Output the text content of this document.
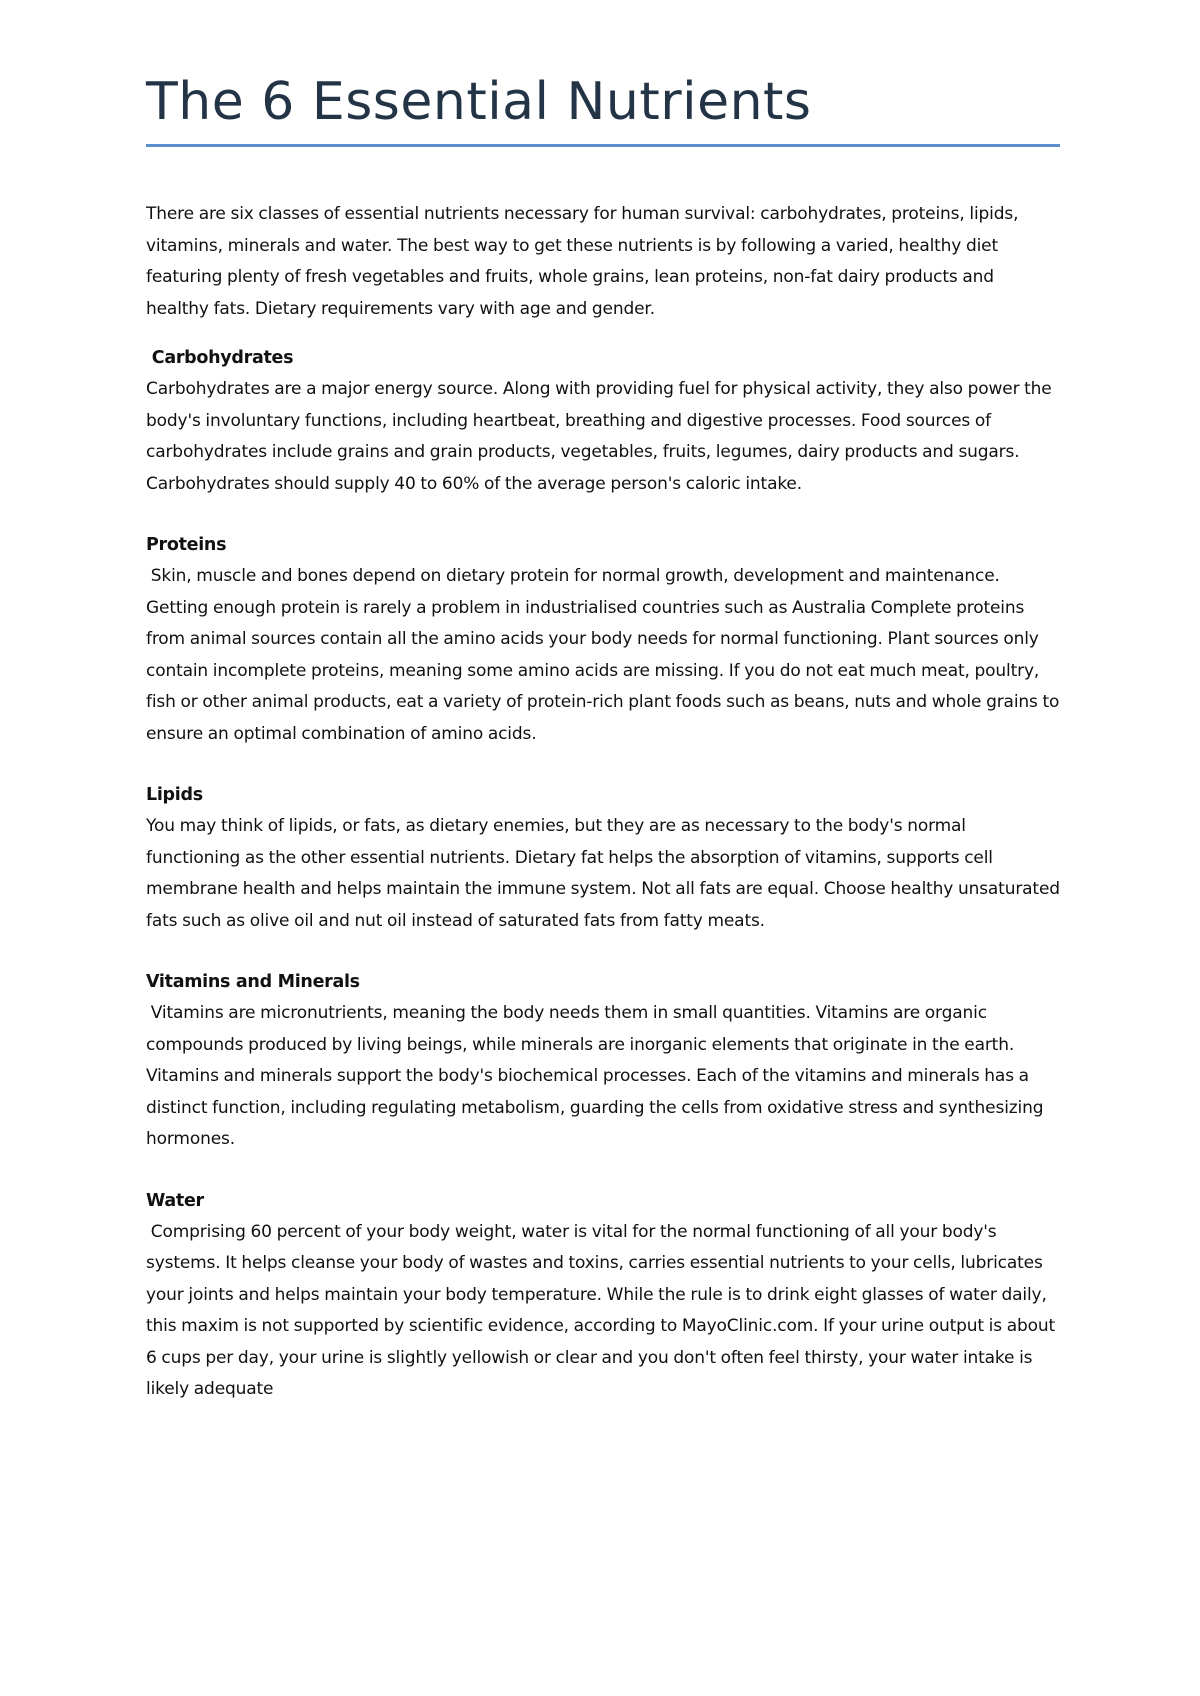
The 6 Essential Nutrients

There are six classes of essential nutrients necessary for human survival: carbohydrates, proteins, lipids, vitamins, minerals and water. The best way to get these nutrients is by following a varied, healthy diet featuring plenty of fresh vegetables and fruits, whole grains, lean proteins, non-fat dairy products and healthy fats. Dietary requirements vary with age and gender.

Carbohydrates

Carbohydrates are a major energy source. Along with providing fuel for physical activity, they also power the body's involuntary functions, including heartbeat, breathing and digestive processes. Food sources of carbohydrates include grains and grain products, vegetables, fruits, legumes, dairy products and sugars. Carbohydrates should supply 40 to 60% of the average person's caloric intake.

Proteins

Skin, muscle and bones depend on dietary protein for normal growth, development and maintenance. Getting enough protein is rarely a problem in industrialised countries such as Australia Complete proteins from animal sources contain all the amino acids your body needs for normal functioning. Plant sources only contain incomplete proteins, meaning some amino acids are missing. If you do not eat much meat, poultry, fish or other animal products, eat a variety of protein-rich plant foods such as beans, nuts and whole grains to ensure an optimal combination of amino acids.

Lipids

You may think of lipids, or fats, as dietary enemies, but they are as necessary to the body's normal functioning as the other essential nutrients. Dietary fat helps the absorption of vitamins, supports cell membrane health and helps maintain the immune system. Not all fats are equal. Choose healthy unsaturated fats such as olive oil and nut oil instead of saturated fats from fatty meats.

Vitamins and Minerals

Vitamins are micronutrients, meaning the body needs them in small quantities. Vitamins are organic compounds produced by living beings, while minerals are inorganic elements that originate in the earth. Vitamins and minerals support the body's biochemical processes. Each of the vitamins and minerals has a distinct function, including regulating metabolism, guarding the cells from oxidative stress and synthesizing hormones.

Water

Comprising 60 percent of your body weight, water is vital for the normal functioning of all your body's systems. It helps cleanse your body of wastes and toxins, carries essential nutrients to your cells, lubricates your joints and helps maintain your body temperature. While the rule is to drink eight glasses of water daily, this maxim is not supported by scientific evidence, according to MayoClinic.com. If your urine output is about 6 cups per day, your urine is slightly yellowish or clear and you don't often feel thirsty, your water intake is likely adequate
